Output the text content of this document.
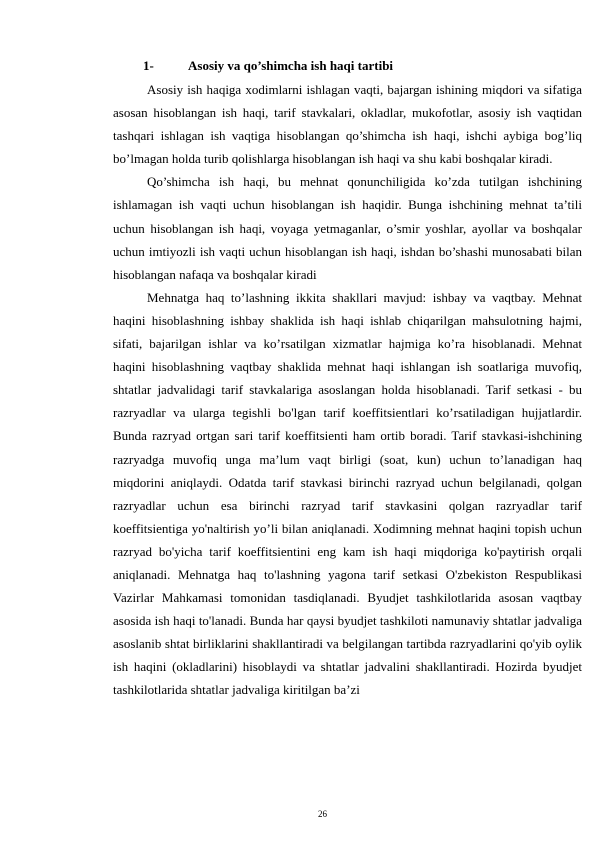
1-	Asosiy va qo’shimcha ish haqi tartibi

Asosiy ish haqiga xodimlarni ishlagan vaqti, bajargan ishining miqdori va sifatiga asosan hisoblangan ish haqi, tarif stavkalari, okladlar, mukofotlar, asosiy ish vaqtidan tashqari ishlagan ish vaqtiga hisoblangan qo’shimcha ish haqi, ishchi aybiga bog’liq bo’lmagan holda turib qolishlarga hisoblangan ish haqi va shu kabi boshqalar kiradi.

Qo’shimcha ish haqi, bu mehnat qonunchiligida ko’zda tutilgan ishchining ishlamagan ish vaqti uchun hisoblangan ish haqidir. Bunga ishchining mehnat ta’tili uchun hisoblangan ish haqi, voyaga yetmaganlar, o’smir yoshlar, ayollar va boshqalar uchun imtiyozli ish vaqti uchun hisoblangan ish haqi, ishdan bo’shashi munosabati bilan hisoblangan nafaqa va boshqalar kiradi

Mehnatga haq to’lashning ikkita shakllari mavjud: ishbay va vaqtbay. Mehnat haqini hisoblashning ishbay shaklida ish haqi ishlab chiqarilgan mahsulotning hajmi, sifati, bajarilgan ishlar va ko’rsatilgan xizmatlar hajmiga ko’ra hisoblanadi. Mehnat haqini hisoblashning vaqtbay shaklida mehnat haqi ishlangan ish soatlariga muvofiq, shtatlar jadvalidagi tarif stavkalariga asoslangan holda hisoblanadi. Tarif setkasi - bu razryadlar va ularga tegishli bo'lgan tarif koeffitsientlari ko’rsatiladigan hujjatlardir. Bunda razryad ortgan sari tarif koeffitsienti ham ortib boradi. Tarif stavkasi-ishchining razryadga muvofiq unga ma’lum vaqt birligi (soat, kun) uchun to’lanadigan haq miqdorini aniqlaydi. Odatda tarif stavkasi birinchi razryad uchun belgilanadi, qolgan razryadlar uchun esa birinchi razryad tarif stavkasini qolgan razryadlar tarif koeffitsientiga yo'naltirish yo’li bilan aniqlanadi. Xodimning mehnat haqini topish uchun razryad bo'yicha tarif koeffitsientini eng kam ish haqi miqdoriga ko'paytirish orqali aniqlanadi. Mehnatga haq to'lashning yagona tarif setkasi O'zbekiston Respublikasi Vazirlar Mahkamasi tomonidan tasdiqlanadi. Byudjet tashkilotlarida asosan vaqtbay asosida ish haqi to'lanadi. Bunda har qaysi byudjet tashkiloti namunaviy shtatlar jadvaliga asoslanib shtat birliklarini shakllantiradi va belgilangan tartibda razryadlarini qo'yib oylik ish haqini (okladlarini) hisoblaydi va shtatlar jadvalini shakllantiradi. Hozirda byudjet tashkilotlarida shtatlar jadvaliga kiritilgan ba’zi

26
